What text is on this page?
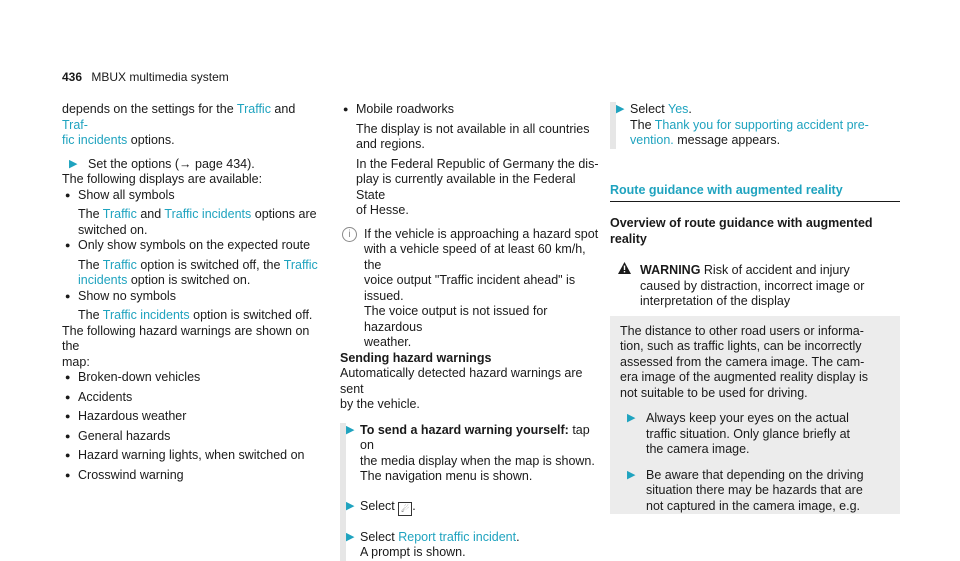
436 MBUX multimedia system

depends on the settings for the Traffic and Traf-
fic incidents options.

▶ Set the options (→ page 434).

The following displays are available:

● Show all symbols

The Traffic and Traffic incidents options are
switched on.

● Only show symbols on the expected route

The Traffic option is switched off, the Traffic
incidents option is switched on.

● Show no symbols

The Traffic incidents option is switched off.

The following hazard warnings are shown on the
map:

● Broken-down vehicles
● Accidents
● Hazardous weather
● General hazards
● Hazard warning lights, when switched on
● Crosswind warning
● Mobile roadworks

The display is not available in all countries
and regions.

In the Federal Republic of Germany the dis-
play is currently available in the Federal State
of Hesse.

i	If the vehicle is approaching a hazard spot
with a vehicle speed of at least 60 km/h, the
voice output "Traffic incident ahead" is
issued.
The voice output is not issued for hazardous
weather.

Sending hazard warnings

Automatically detected hazard warnings are sent
by the vehicle.

▶ To send a hazard warning yourself: tap on
the media display when the map is shown.
The navigation menu is shown.

▶ Select ☄ .

▶ Select Report traffic incident.
A prompt is shown.

▶ Select Yes.
The Thank you for supporting accident pre-
vention. message appears.

Route guidance with augmented reality

Overview of route guidance with augmented
reality

WARNING Risk of accident and injury
caused by distraction, incorrect image or
interpretation of the display

The distance to other road users or informa-
tion, such as traffic lights, can be incorrectly
assessed from the camera image. The cam-
era image of the augmented reality display is
not suitable to be used for driving.

▶ Always keep your eyes on the actual
traffic situation. Only glance briefly at
the camera image.

▶ Be aware that depending on the driving
situation there may be hazards that are
not captured in the camera image, e.g.
